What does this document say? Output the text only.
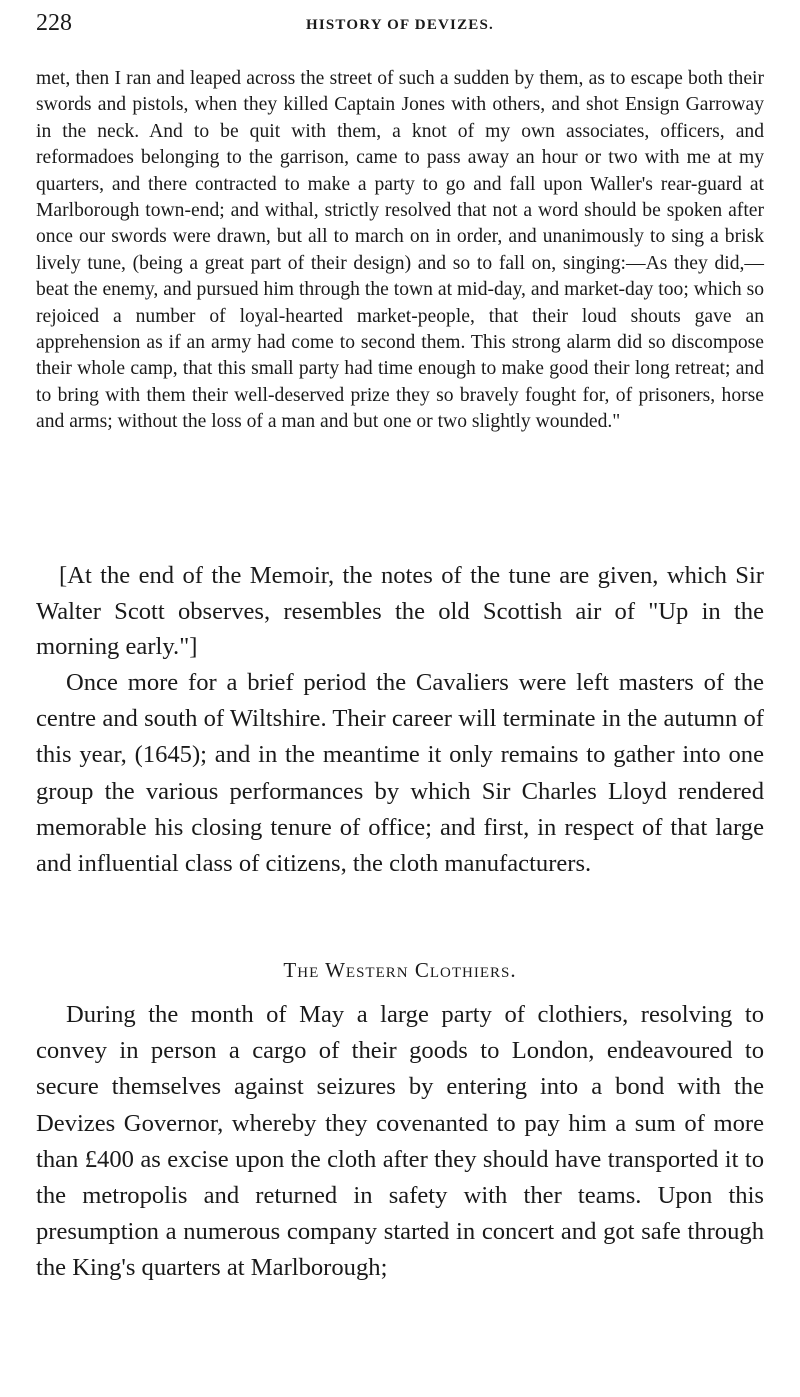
228	HISTORY OF DEVIZES.
met, then I ran and leaped across the street of such a sudden by them, as to escape both their swords and pistols, when they killed Captain Jones with others, and shot Ensign Garroway in the neck. And to be quit with them, a knot of my own associates, officers, and reformadoes belonging to the garrison, came to pass away an hour or two with me at my quarters, and there contracted to make a party to go and fall upon Waller's rear-guard at Marlborough town-end; and withal, strictly resolved that not a word should be spoken after once our swords were drawn, but all to march on in order, and unanimously to sing a brisk lively tune, (being a great part of their design) and so to fall on, singing:—As they did,—beat the enemy, and pursued him through the town at mid-day, and market-day too; which so rejoiced a number of loyal-hearted market-people, that their loud shouts gave an apprehension as if an army had come to second them. This strong alarm did so discompose their whole camp, that this small party had time enough to make good their long retreat; and to bring with them their well-deserved prize they so bravely fought for, of prisoners, horse and arms; without the loss of a man and but one or two slightly wounded."
[At the end of the Memoir, the notes of the tune are given, which Sir Walter Scott observes, resembles the old Scottish air of "Up in the morning early."]
Once more for a brief period the Cavaliers were left masters of the centre and south of Wiltshire. Their career will terminate in the autumn of this year, (1645); and in the meantime it only remains to gather into one group the various performances by which Sir Charles Lloyd rendered memorable his closing tenure of office; and first, in respect of that large and influential class of citizens, the cloth manufacturers.
The Western Clothiers.
During the month of May a large party of clothiers, resolving to convey in person a cargo of their goods to London, endeavoured to secure themselves against seizures by entering into a bond with the Devizes Governor, whereby they covenanted to pay him a sum of more than £400 as excise upon the cloth after they should have transported it to the metropolis and returned in safety with ther teams. Upon this presumption a numerous company started in concert and got safe through the King's quarters at Marlborough;
